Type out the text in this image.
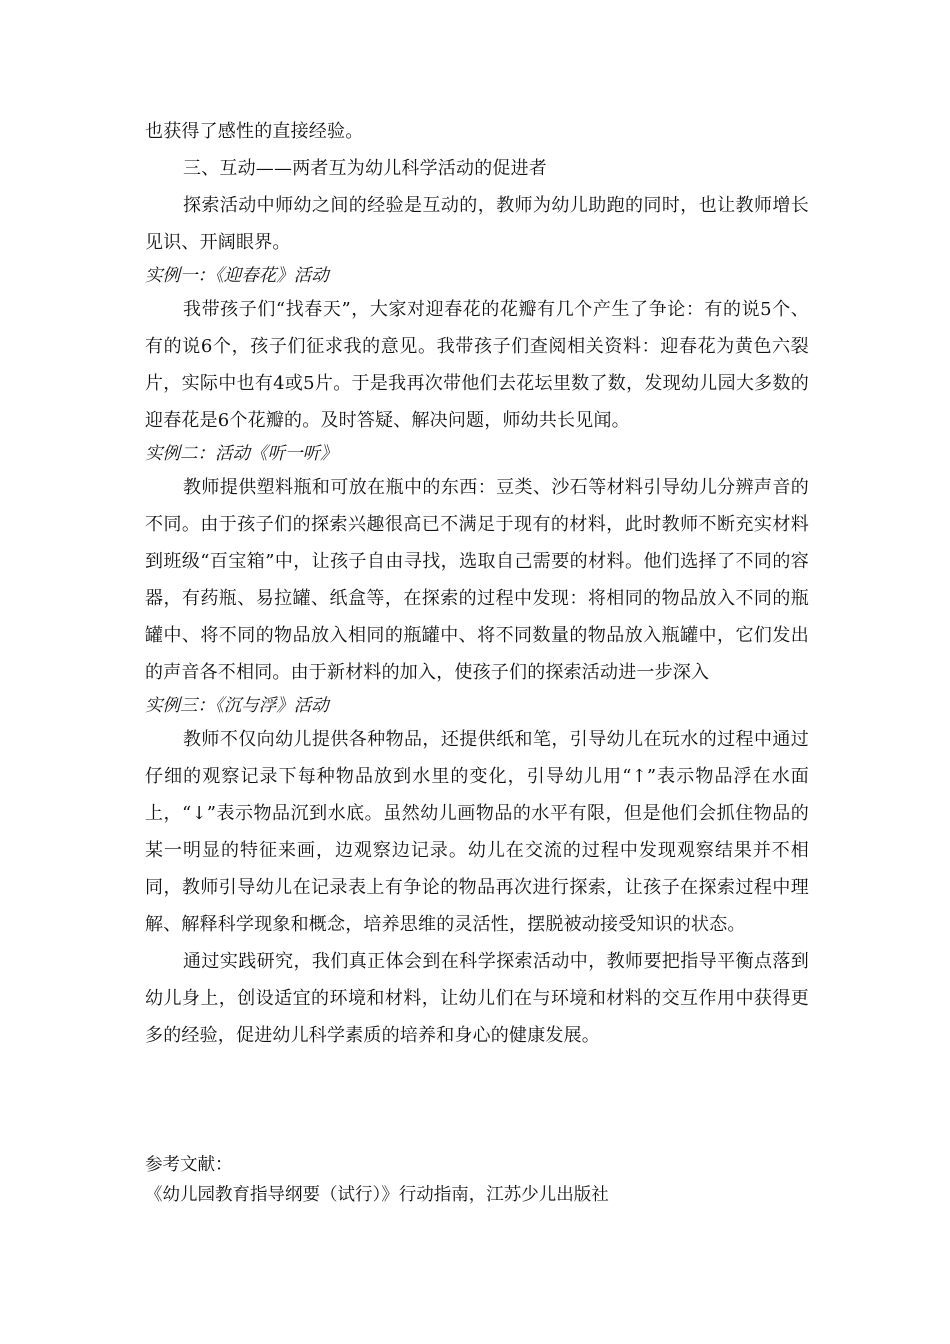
也获得了感性的直接经验。

三、互动——两者互为幼儿科学活动的促进者

探索活动中师幼之间的经验是互动的，教师为幼儿助跑的同时，也让教师增长见识、开阔眼界。

实例一：《迎春花》活动

我带孩子们“找春天”，大家对迎春花的花瓣有几个产生了争论：有的说5个、有的说6个，孩子们征求我的意见。我带孩子们查阅相关资料：迎春花为黄色六裂片，实际中也有4或5片。于是我再次带他们去花坛里数了数，发现幼儿园大多数的迎春花是6个花瓣的。及时答疑、解决问题，师幼共长见闻。

实例二：活动《听一听》

教师提供塑料瓶和可放在瓶中的东西：豆类、沙石等材料引导幼儿分辨声音的不同。由于孩子们的探索兴趣很高已不满足于现有的材料，此时教师不断充实材料到班级“百宝箱”中，让孩子自由寻找，选取自己需要的材料。他们选择了不同的容器，有药瓶、易拉罐、纸盒等，在探索的过程中发现：将相同的物品放入不同的瓶罐中、将不同的物品放入相同的瓶罐中、将不同数量的物品放入瓶罐中，它们发出的声音各不相同。由于新材料的加入，使孩子们的探索活动进一步深入

实例三：《沉与浮》活动

教师不仅向幼儿提供各种物品，还提供纸和笔，引导幼儿在玩水的过程中通过仔细的观察记录下每种物品放到水里的变化，引导幼儿用“↑”表示物品浮在水面上，“↓”表示物品沉到水底。虽然幼儿画物品的水平有限，但是他们会抓住物品的某一明显的特征来画，边观察边记录。幼儿在交流的过程中发现观察结果并不相同，教师引导幼儿在记录表上有争论的物品再次进行探索，让孩子在探索过程中理解、解释科学现象和概念，培养思维的灵活性，摆脱被动接受知识的状态。

通过实践研究，我们真正体会到在科学探索活动中，教师要把指导平衡点落到幼儿身上，创设适宜的环境和材料，让幼儿们在与环境和材料的交互作用中获得更多的经验，促进幼儿科学素质的培养和身心的健康发展。

参考文献：

《幼儿园教育指导纲要（试行）》行动指南，江苏少儿出版社
